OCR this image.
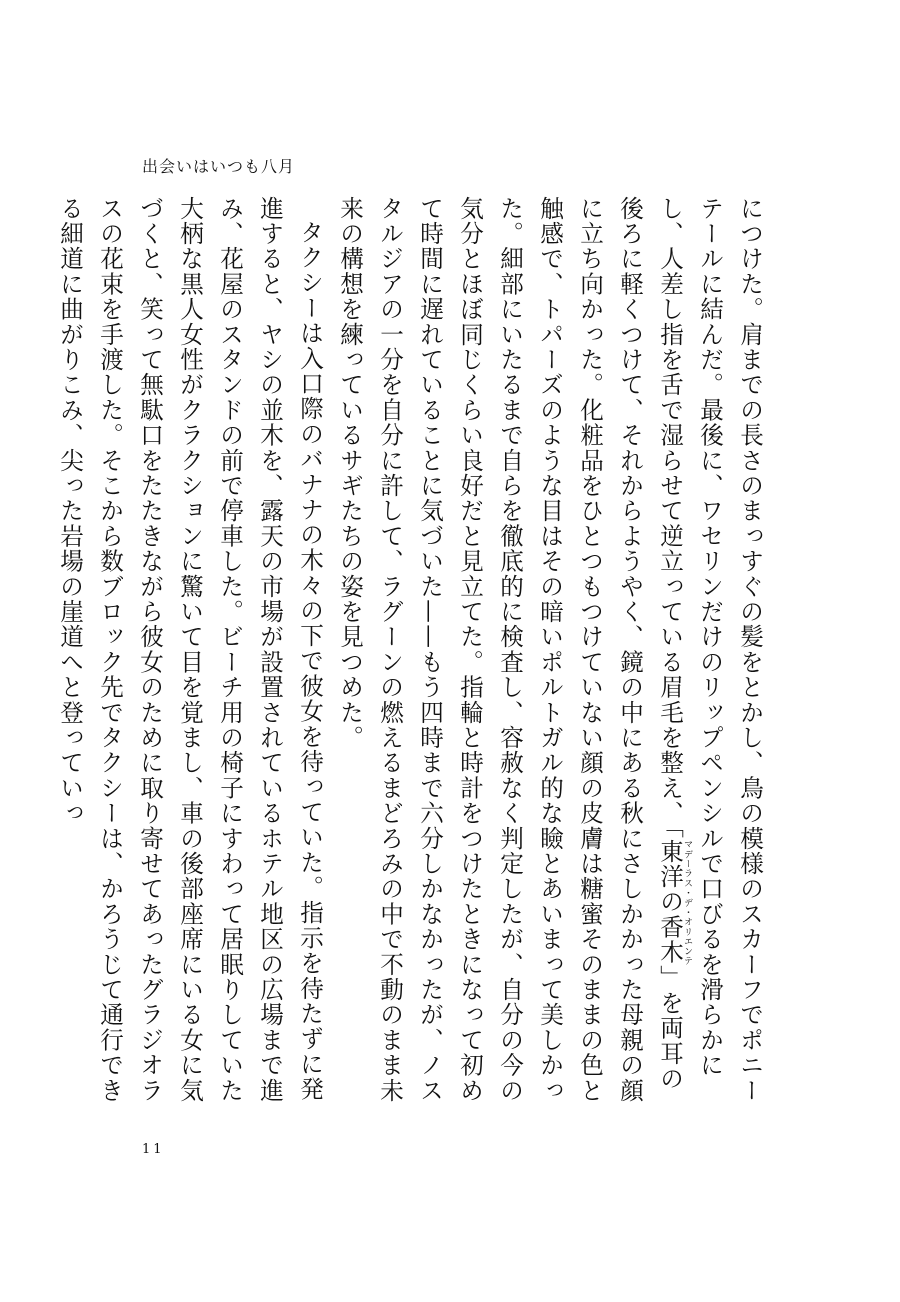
出会いはいつも八月

につけた。肩までの長さのまっすぐの髪をとかし、鳥の模様のスカーフでポニーテールに結んだ。最後に、ワセリンだけのリップペンシルで口びるを滑らかにし、人差し指を舌で湿らせて逆立っている眉毛を整え、「東洋の香木マデーラス・デ・オリエンテ」を両耳の後ろに軽くつけて、それからようやく、鏡の中にある秋にさしかかった母親の顔に立ち向かった。化粧品をひとつもつけていない顔の皮膚は糖蜜そのままの色と触感で、トパーズのような目はその暗いポルトガル的な瞼とあいまって美しかった。細部にいたるまで自らを徹底的に検査し、容赦なく判定したが、自分の今の気分とほぼ同じくらい良好だと見立てた。指輪と時計をつけたときになって初めて時間に遅れていることに気づいた——もう四時まで六分しかなかったが、ノスタルジアの一分を自分に許して、ラグーンの燃えるまどろみの中で不動のまま未来の構想を練っているサギたちの姿を見つめた。

タクシーは入口際のバナナの木々の下で彼女を待っていた。指示を待たずに発進すると、ヤシの並木を、露天の市場が設置されているホテル地区の広場まで進み、花屋のスタンドの前で停車した。ビーチ用の椅子にすわって居眠りしていた大柄な黒人女性がクラクションに驚いて目を覚まし、車の後部座席にいる女に気づくと、笑って無駄口をたたきながら彼女のために取り寄せてあったグラジオラスの花束を手渡した。そこから数ブロック先でタクシーは、かろうじて通行できる細道に曲がりこみ、尖った岩場の崖道へと登っていっ

11
